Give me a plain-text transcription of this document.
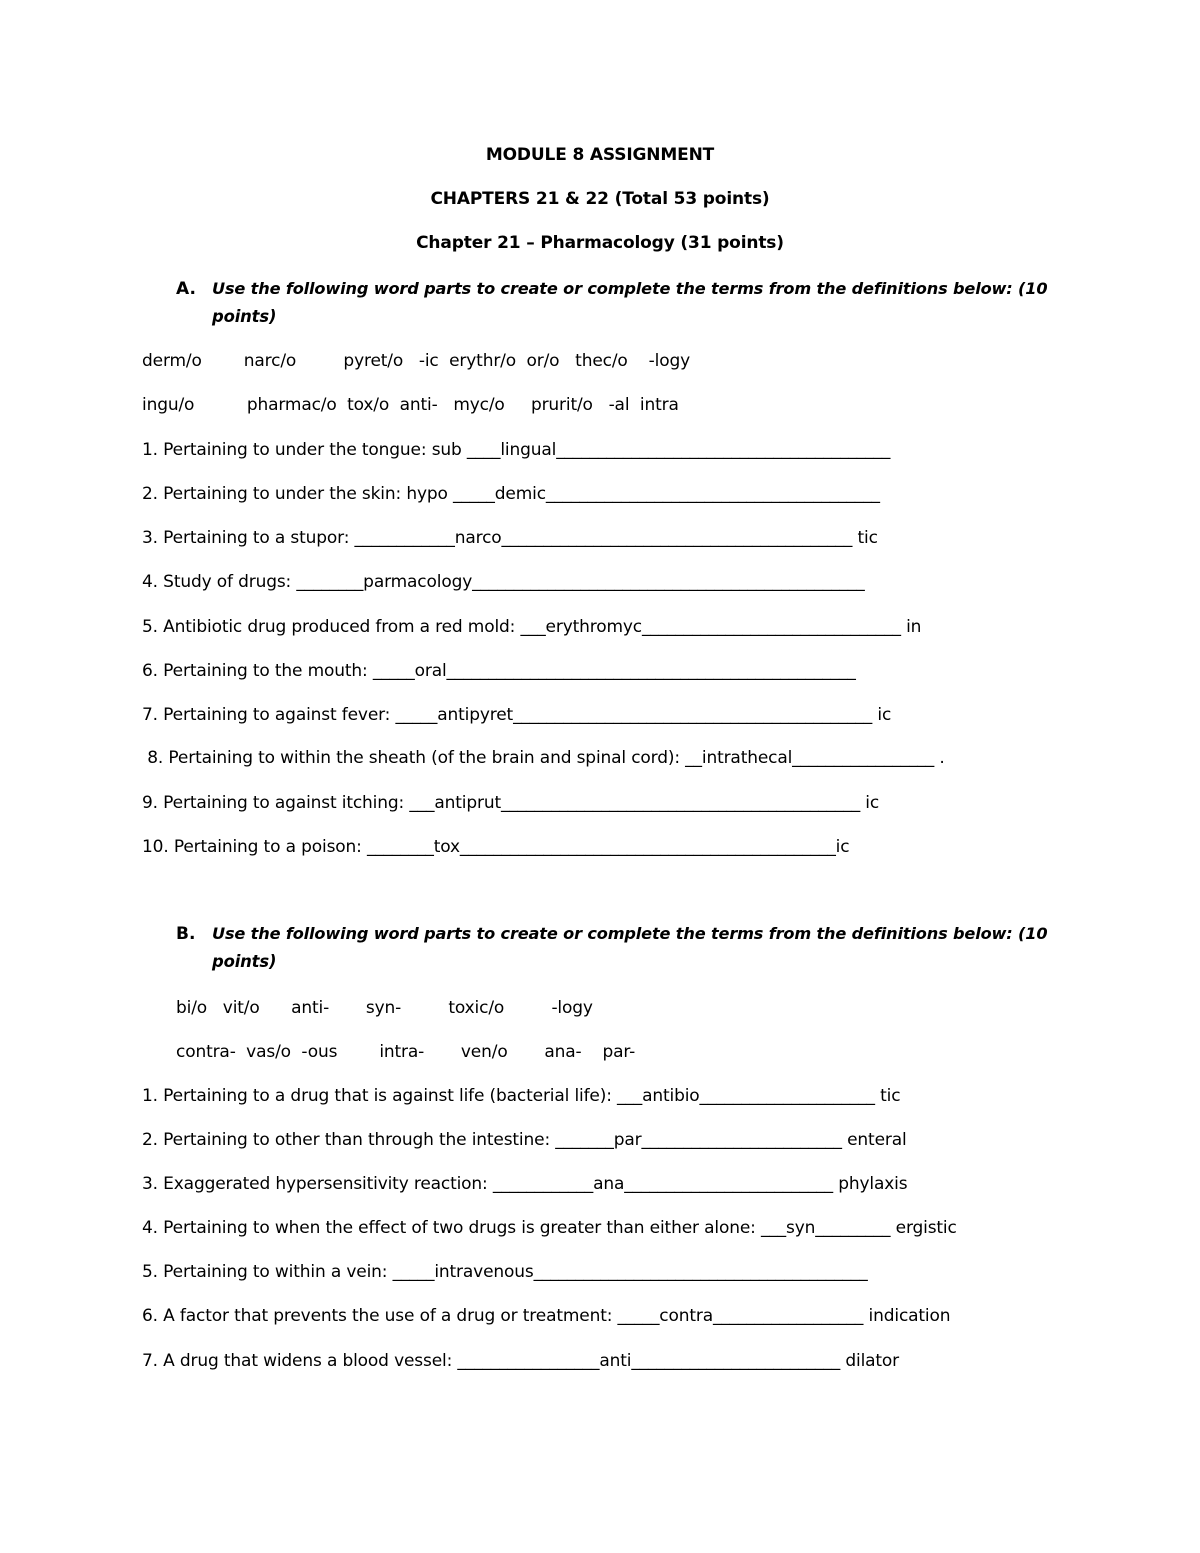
MODULE 8 ASSIGNMENT

CHAPTERS 21 & 22 (Total 53 points)

Chapter 21 – Pharmacology (31 points)

A. Use the following word parts to create or complete the terms from the definitions below: (10

points)

derm/o        narc/o         pyret/o   -ic  erythr/o  or/o   thec/o    -logy

ingu/o          pharmac/o  tox/o  anti-   myc/o     prurit/o   -al  intra

1. Pertaining to under the tongue: sub ____lingual________________________________________

2. Pertaining to under the skin: hypo _____demic________________________________________

3. Pertaining to a stupor: ____________narco__________________________________________ tic

4. Study of drugs: ________parmacology_______________________________________________

5. Antibiotic drug produced from a red mold: ___erythromyc_______________________________ in

6. Pertaining to the mouth: _____oral_________________________________________________

7. Pertaining to against fever: _____antipyret___________________________________________ ic

8. Pertaining to within the sheath (of the brain and spinal cord): __intrathecal_________________ .

9. Pertaining to against itching: ___antiprut___________________________________________ ic

10. Pertaining to a poison: ________tox_____________________________________________ic

B. Use the following word parts to create or complete the terms from the definitions below: (10

points)

bi/o   vit/o      anti-       syn-         toxic/o         -logy

contra-  vas/o  -ous        intra-       ven/o       ana-    par-

1. Pertaining to a drug that is against life (bacterial life): ___antibio_____________________ tic

2. Pertaining to other than through the intestine: _______par________________________ enteral

3. Exaggerated hypersensitivity reaction: ____________ana_________________________ phylaxis

4. Pertaining to when the effect of two drugs is greater than either alone: ___syn_________ ergistic

5. Pertaining to within a vein: _____intravenous________________________________________

6. A factor that prevents the use of a drug or treatment: _____contra__________________ indication

7. A drug that widens a blood vessel: _________________anti_________________________ dilator
